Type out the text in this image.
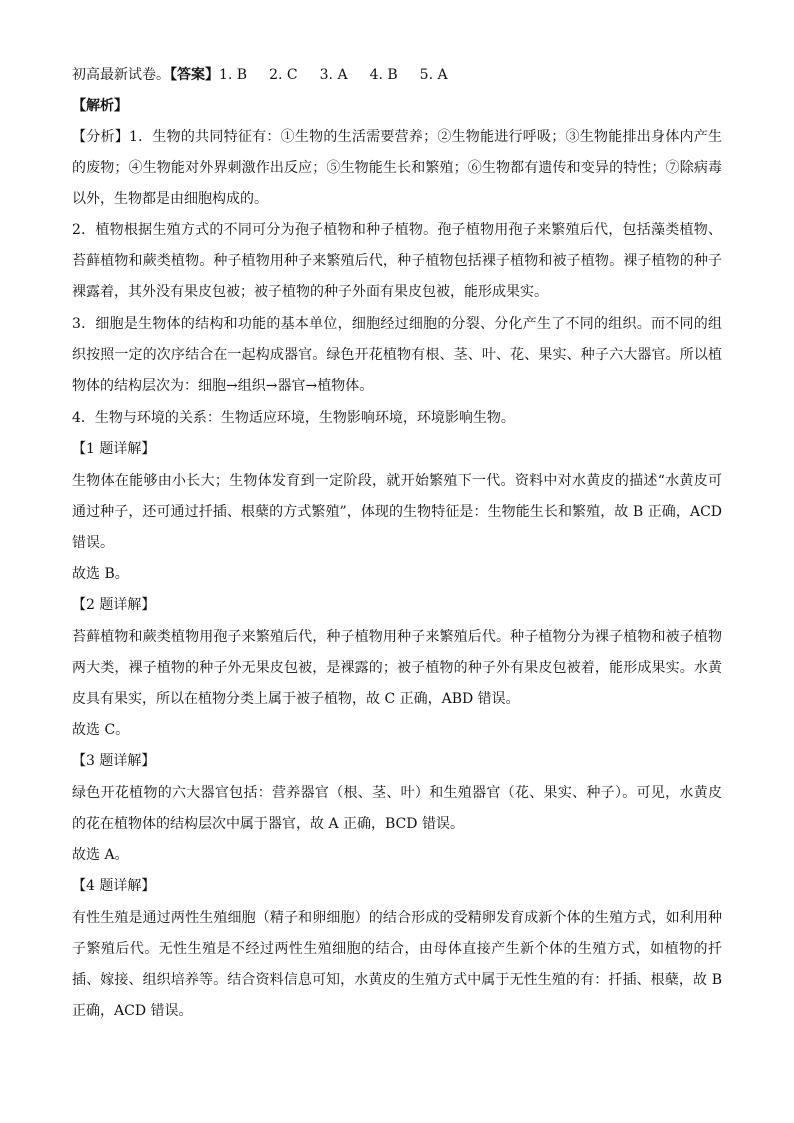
初高最新试卷。【答案】1. B 2. C 3. A 4. B 5. A
【解析】

【分析】1．生物的共同特征有：①生物的生活需要营养；②生物能进行呼吸；③生物能排出身体内产生的废物；④生物能对外界刺激作出反应；⑤生物能生长和繁殖；⑥生物都有遗传和变异的特性；⑦除病毒以外，生物都是由细胞构成的。

2．植物根据生殖方式的不同可分为孢子植物和种子植物。孢子植物用孢子来繁殖后代，包括藻类植物、苔藓植物和蕨类植物。种子植物用种子来繁殖后代，种子植物包括裸子植物和被子植物。裸子植物的种子裸露着，其外没有果皮包被；被子植物的种子外面有果皮包被，能形成果实。

3．细胞是生物体的结构和功能的基本单位，细胞经过细胞的分裂、分化产生了不同的组织。而不同的组织按照一定的次序结合在一起构成器官。绿色开花植物有根、茎、叶、花、果实、种子六大器官。所以植物体的结构层次为：细胞→组织→器官→植物体。

4．生物与环境的关系：生物适应环境，生物影响环境，环境影响生物。

【1 题详解】

生物体在能够由小长大；生物体发育到一定阶段，就开始繁殖下一代。资料中对水黄皮的描述“水黄皮可通过种子，还可通过扦插、根蘖的方式繁殖”，体现的生物特征是：生物能生长和繁殖，故 B 正确，ACD 错误。

故选 B。
【2 题详解】

苔藓植物和蕨类植物用孢子来繁殖后代，种子植物用种子来繁殖后代。种子植物分为裸子植物和被子植物两大类，裸子植物的种子外无果皮包被，是裸露的；被子植物的种子外有果皮包被着，能形成果实。水黄皮具有果实，所以在植物分类上属于被子植物，故 C 正确，ABD 错误。

故选 C。
【3 题详解】

绿色开花植物的六大器官包括：营养器官（根、茎、叶）和生殖器官（花、果实、种子）。可见，水黄皮的花在植物体的结构层次中属于器官，故 A 正确，BCD 错误。

故选 A。
【4 题详解】

有性生殖是通过两性生殖细胞（精子和卵细胞）的结合形成的受精卵发育成新个体的生殖方式，如利用种子繁殖后代。无性生殖是不经过两性生殖细胞的结合，由母体直接产生新个体的生殖方式，如植物的扦插、嫁接、组织培养等。结合资料信息可知，水黄皮的生殖方式中属于无性生殖的有：扦插、根蘖，故 B 正确，ACD 错误。
